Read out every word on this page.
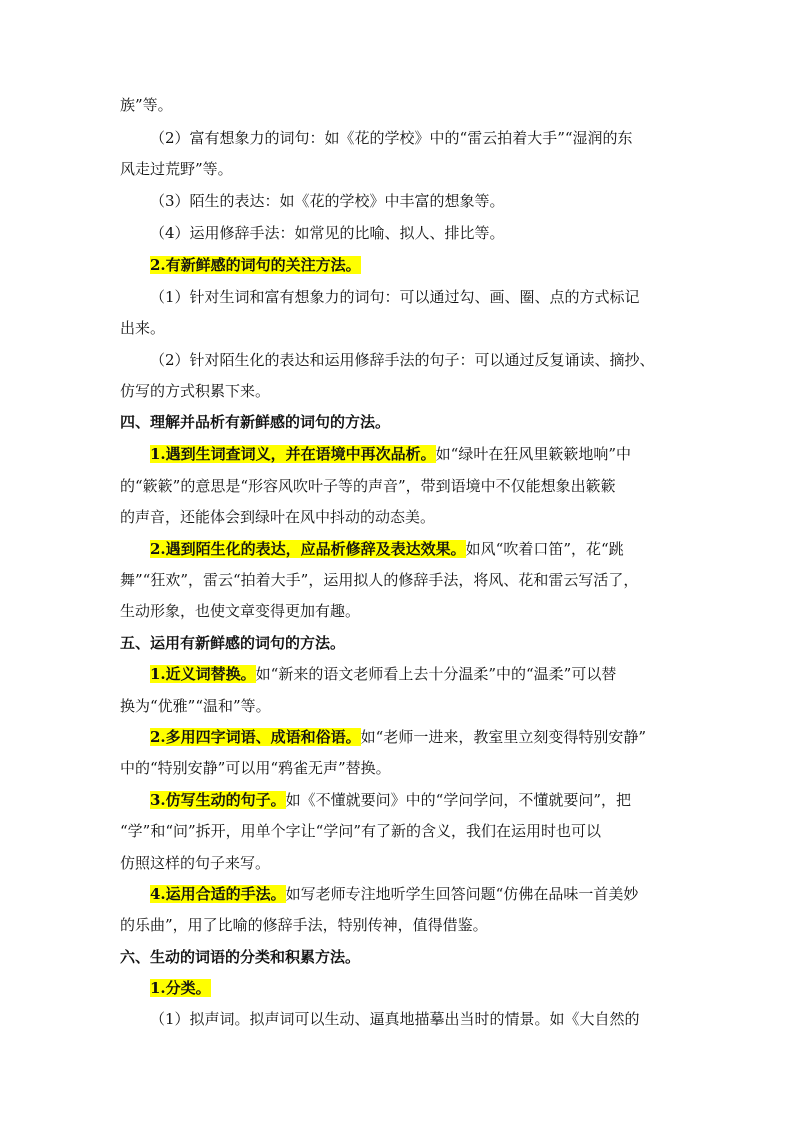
族”等。
（2）富有想象力的词句：如《花的学校》中的“雷云拍着大手”“湿润的东
风走过荒野”等。
（3）陌生的表达：如《花的学校》中丰富的想象等。
（4）运用修辞手法：如常见的比喻、拟人、排比等。
2.有新鲜感的词句的关注方法。
（1）针对生词和富有想象力的词句：可以通过勾、画、圈、点的方式标记
出来。
（2）针对陌生化的表达和运用修辞手法的句子：可以通过反复诵读、摘抄、
仿写的方式积累下来。
四、理解并品析有新鲜感的词句的方法。
1.遇到生词查词义，并在语境中再次品析。如“绿叶在狂风里簌簌地响”中
的“簌簌”的意思是“形容风吹叶子等的声音”，带到语境中不仅能想象出簌簌
的声音，还能体会到绿叶在风中抖动的动态美。
2.遇到陌生化的表达，应品析修辞及表达效果。如风“吹着口笛”，花“跳
舞”“狂欢”，雷云“拍着大手”，运用拟人的修辞手法，将风、花和雷云写活了，
生动形象，也使文章变得更加有趣。
五、运用有新鲜感的词句的方法。
1.近义词替换。如“新来的语文老师看上去十分温柔”中的“温柔”可以替
换为“优雅”“温和”等。
2.多用四字词语、成语和俗语。如“老师一进来，教室里立刻变得特别安静”
中的“特别安静”可以用“鸦雀无声”替换。
3.仿写生动的句子。如《不懂就要问》中的“学问学问，不懂就要问”，把
“学”和“问”拆开，用单个字让“学问”有了新的含义，我们在运用时也可以
仿照这样的句子来写。
4.运用合适的手法。如写老师专注地听学生回答问题“仿佛在品味一首美妙
的乐曲”，用了比喻的修辞手法，特别传神，值得借鉴。
六、生动的词语的分类和积累方法。
1.分类。
（1）拟声词。拟声词可以生动、逼真地描摹出当时的情景。如《大自然的
